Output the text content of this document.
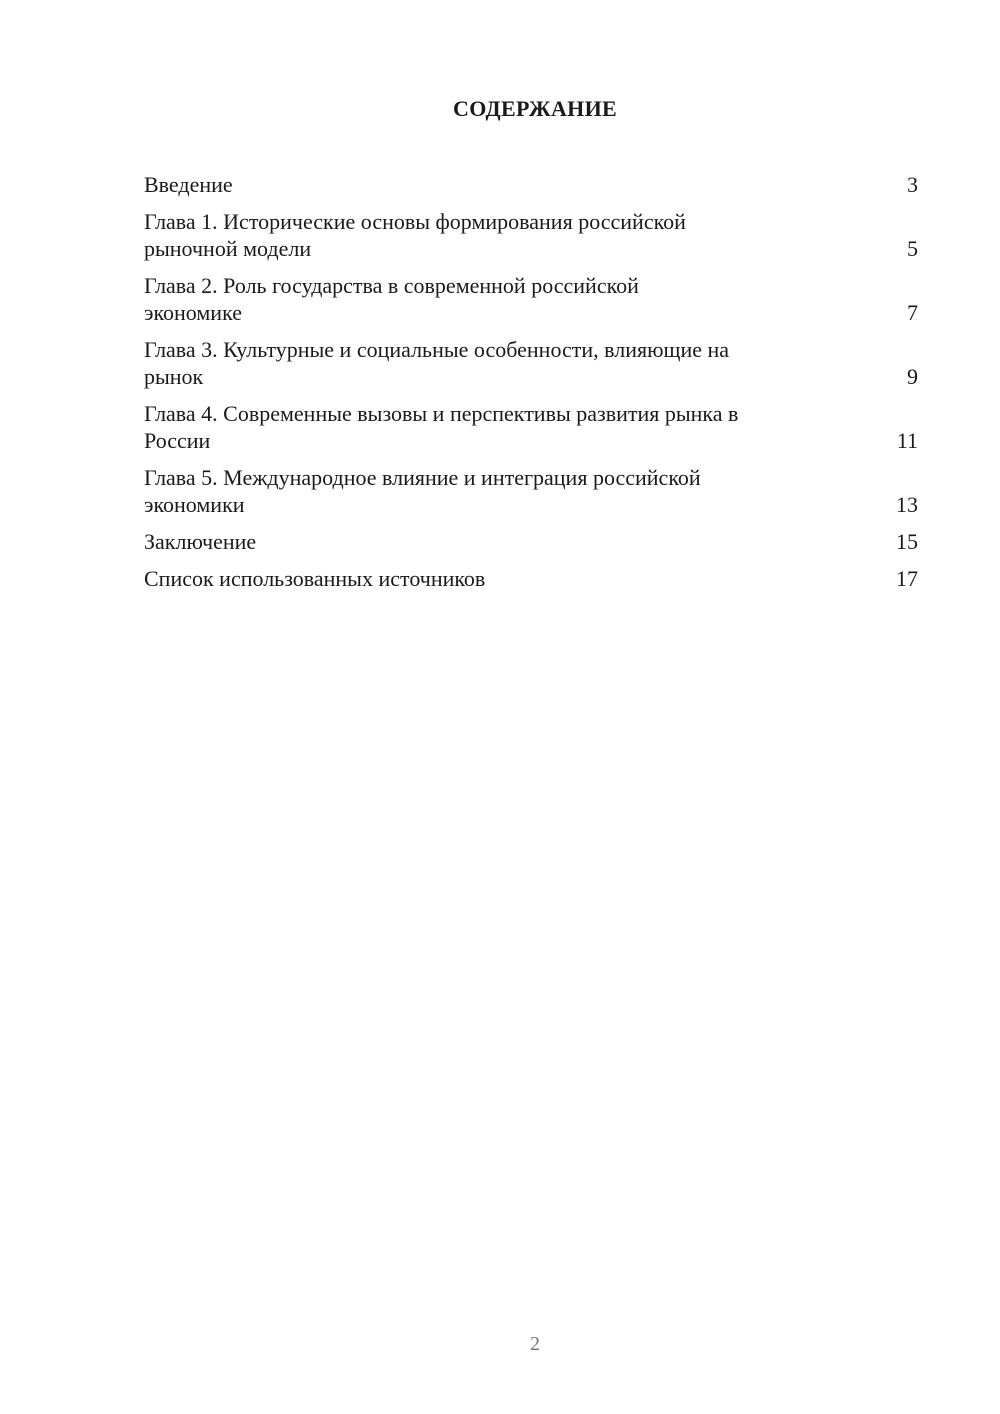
СОДЕРЖАНИЕ
Введение	3
Глава 1. Исторические основы формирования российской
рыночной модели	5
Глава 2. Роль государства в современной российской
экономике	7
Глава 3. Культурные и социальные особенности, влияющие на
рынок	9
Глава 4. Современные вызовы и перспективы развития рынка в
России	11
Глава 5. Международное влияние и интеграция российской
экономики	13
Заключение	15
Список использованных источников	17
2
